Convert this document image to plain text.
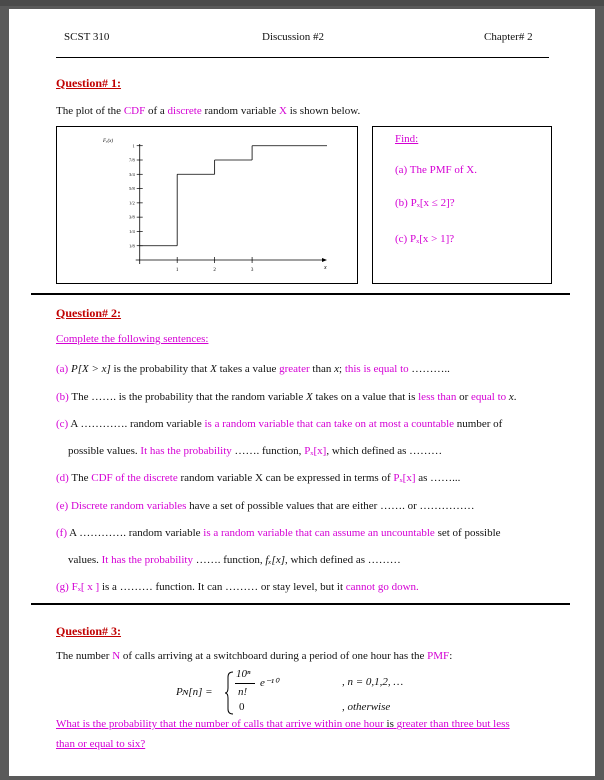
SCST 310	Discussion #2	Chapter# 2
Question# 1:
The plot of the CDF of a discrete random variable X is shown below.
Fₓ(x)
1
7/8
3/4
5/8
1/2
3/8
1/4
1/8
1	2	3	x
Find:
(a) The PMF of X.
(b) Pₓ[x ≤ 2]?
(c) Pₓ[x > 1]?
Question# 2:
Complete the following sentences:
(a) P[X > x] is the probability that X takes a value greater than x; this is equal to ………..
(b) The ……. is the probability that the random variable X takes on a value that is less than or equal to x.
(c) A …………. random variable is a random variable that can take on at most a countable number of
possible values. It has the probability ……. function, Pₓ[x], which defined as ………
(d) The CDF of the discrete random variable X can be expressed in terms of Pₓ[x] as ……...
(e) Discrete random variables have a set of possible values that are either ……. or ……………
(f) A …………. random variable is a random variable that can assume an uncountable set of possible
values. It has the probability ……. function, fₓ[x], which defined as ………
(g) Fₓ[ x ] is a ……… function. It can ……… or stay level, but it cannot go down.
Question# 3:
The number N of calls arriving at a switchboard during a period of one hour has the PMF:
Pɴ[n] =
10ⁿ
n!
e⁻¹⁰
0
, n = 0,1,2, …
, otherwise
What is the probability that the number of calls that arrive within one hour is greater than three but less
than or equal to six?
